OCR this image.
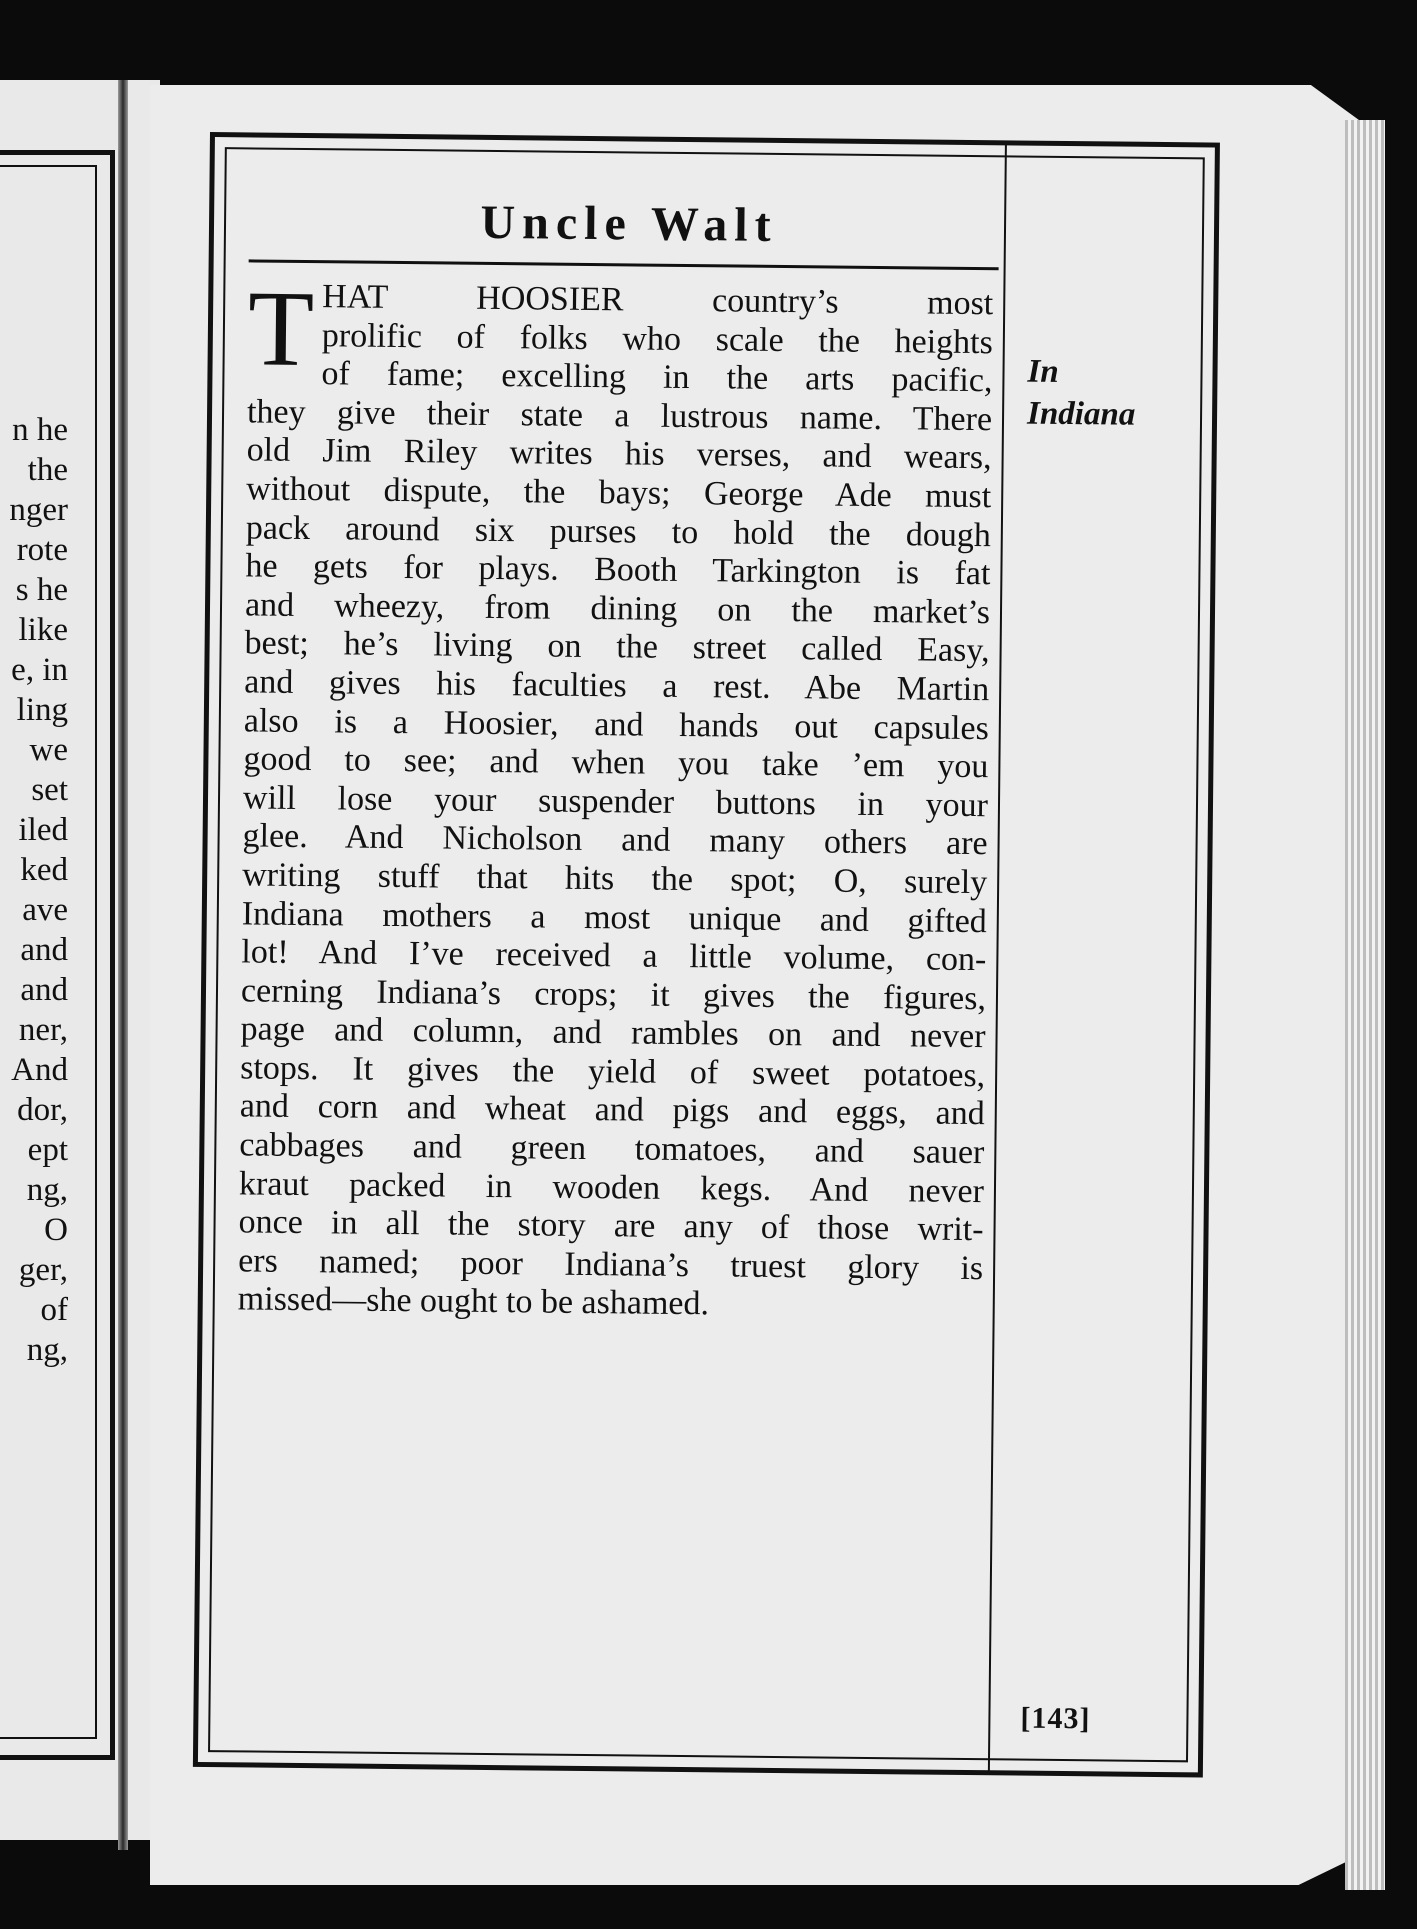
n he
the
nger
rote
s he
like
e, in
ling
we
set
iled
ked
ave
and
and
ner,
And
dor,
ept
ng,
O
ger,
of
ng,
Uncle Walt
T HAT HOOSIER country’s most
prolific of folks who scale the heights
of fame; excelling in the arts pacific,
they give their state a lustrous name. There
old Jim Riley writes his verses, and wears,
without dispute, the bays; George Ade must
pack around six purses to hold the dough
he gets for plays. Booth Tarkington is fat
and wheezy, from dining on the market’s
best; he’s living on the street called Easy,
and gives his faculties a rest. Abe Martin
also is a Hoosier, and hands out capsules
good to see; and when you take ’em you
will lose your suspender buttons in your
glee. And Nicholson and many others are
writing stuff that hits the spot; O, surely
Indiana mothers a most unique and gifted
lot! And I’ve received a little volume, con-
cerning Indiana’s crops; it gives the figures,
page and column, and rambles on and never
stops. It gives the yield of sweet potatoes,
and corn and wheat and pigs and eggs, and
cabbages and green tomatoes, and sauer
kraut packed in wooden kegs. And never
once in all the story are any of those writ-
ers named; poor Indiana’s truest glory is
missed—she ought to be ashamed.
In
Indiana
[143]
